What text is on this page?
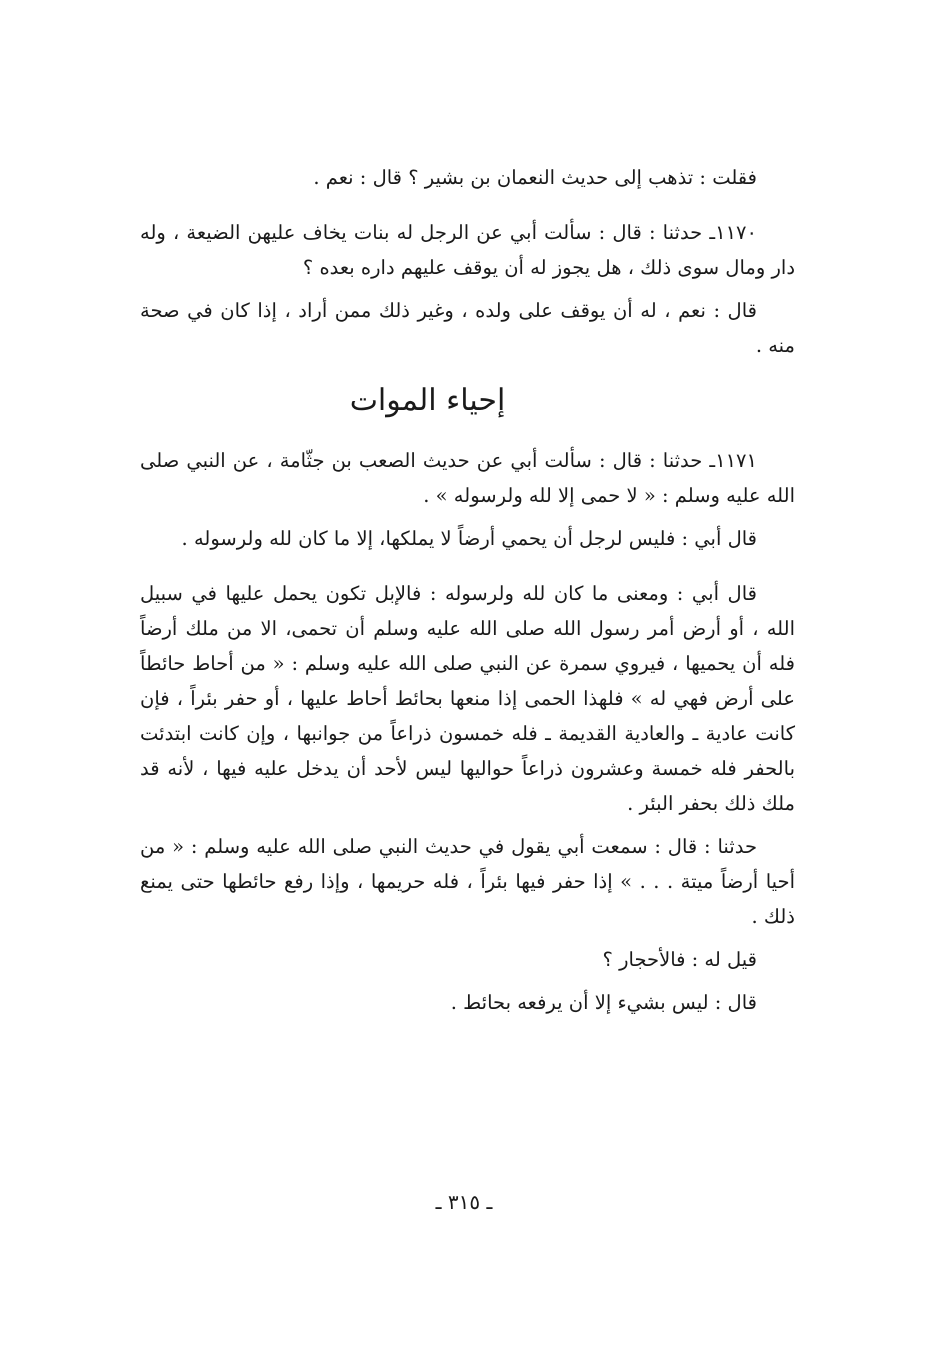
فقلت : تذهب إلى حديث النعمان بن بشير ؟ قال : نعم .

١١٧٠ـ حدثنا : قال : سألت أبي عن الرجل له بنات يخاف عليهن الضيعة ، وله دار ومال سوى ذلك ، هل يجوز له أن يوقف عليهم داره بعده ؟

قال : نعم ، له أن يوقف على ولده ، وغير ذلك ممن أراد ، إذا كان في صحة منه .

إحياء الموات

١١٧١ـ حدثنا : قال : سألت أبي عن حديث الصعب بن جثّامة ، عن النبي صلى الله عليه وسلم : « لا حمى إلا لله ولرسوله » .

قال أبي : فليس لرجل أن يحمي أرضاً لا يملكها، إلا ما كان لله ولرسوله .

قال أبي : ومعنى ما كان لله ولرسوله : فالإبل تكون يحمل عليها في سبيل الله ، أو أرض أمر رسول الله صلى الله عليه وسلم أن تحمى، الا من ملك أرضاً فله أن يحميها ، فيروي سمرة عن النبي صلى الله عليه وسلم : « من أحاط حائطاً على أرض فهي له » فلهذا الحمى إذا منعها بحائط أحاط عليها ، أو حفر بئراً ، فإن كانت عادية ـ والعادية القديمة ـ فله خمسون ذراعاً من جوانبها ، وإن كانت ابتدئت بالحفر فله خمسة وعشرون ذراعاً حواليها ليس لأحد أن يدخل عليه فيها ، لأنه قد ملك ذلك بحفر البئر .

حدثنا : قال : سمعت أبي يقول في حديث النبي صلى الله عليه وسلم : « من أحيا أرضاً ميتة . . . » إذا حفر فيها بئراً ، فله حريمها ، وإذا رفع حائطها حتى يمنع ذلك .

قيل له : فالأحجار ؟

قال : ليس بشيء إلا أن يرفعه بحائط .

ـ ٣١٥ ـ
